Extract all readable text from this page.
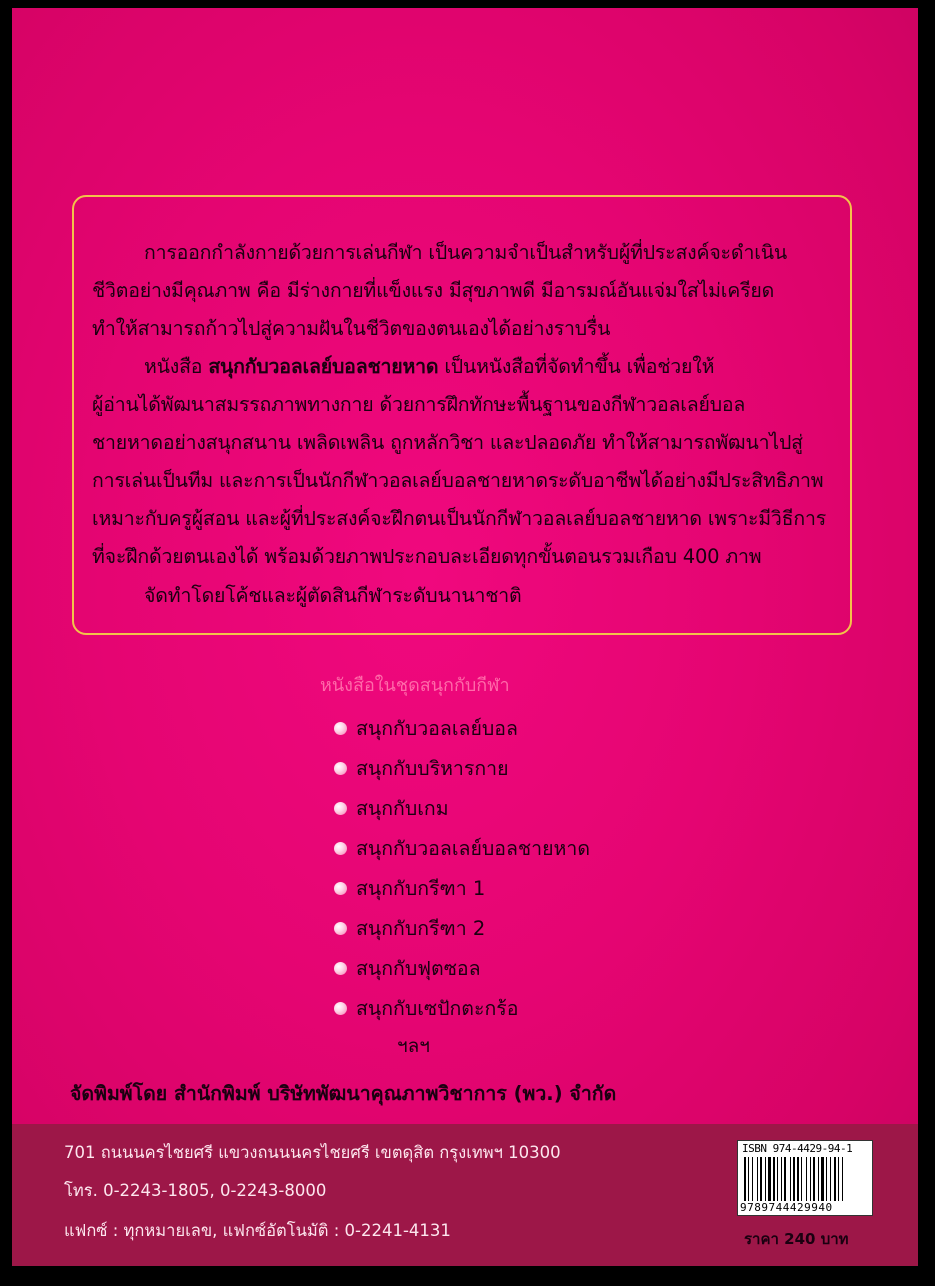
การออกกำลังกายด้วยการเล่นกีฬา เป็นความจำเป็นสำหรับผู้ที่ประสงค์จะดำเนิน

ชีวิตอย่างมีคุณภาพ คือ มีร่างกายที่แข็งแรง มีสุขภาพดี มีอารมณ์อันแจ่มใสไม่เครียด

ทำให้สามารถก้าวไปสู่ความฝันในชีวิตของตนเองได้อย่างราบรื่น

หนังสือ สนุกกับวอลเลย์บอลชายหาด เป็นหนังสือที่จัดทำขึ้น เพื่อช่วยให้

ผู้อ่านได้พัฒนาสมรรถภาพทางกาย ด้วยการฝึกทักษะพื้นฐานของกีฬาวอลเลย์บอล

ชายหาดอย่างสนุกสนาน เพลิดเพลิน ถูกหลักวิชา และปลอดภัย ทำให้สามารถพัฒนาไปสู่

การเล่นเป็นทีม และการเป็นนักกีฬาวอลเลย์บอลชายหาดระดับอาชีพได้อย่างมีประสิทธิภาพ

เหมาะกับครูผู้สอน และผู้ที่ประสงค์จะฝึกตนเป็นนักกีฬาวอลเลย์บอลชายหาด เพราะมีวิธีการ

ที่จะฝึกด้วยตนเองได้ พร้อมด้วยภาพประกอบละเอียดทุกขั้นตอนรวมเกือบ 400 ภาพ

จัดทำโดยโค้ชและผู้ตัดสินกีฬาระดับนานาชาติ

หนังสือในชุดสนุกกับกีฬา
สนุกกับวอลเลย์บอล
สนุกกับบริหารกาย
สนุกกับเกม
สนุกกับวอลเลย์บอลชายหาด
สนุกกับกรีฑา 1
สนุกกับกรีฑา 2
สนุกกับฟุตซอล
สนุกกับเซปักตะกร้อ
ฯลฯ
จัดพิมพ์โดย สำนักพิมพ์ บริษัทพัฒนาคุณภาพวิชาการ (พว.) จำกัด

701 ถนนนครไชยศรี แขวงถนนนครไชยศรี เขตดุสิต กรุงเทพฯ 10300

โทร. 0-2243-1805, 0-2243-8000

แฟกซ์ : ทุกหมายเลข, แฟกซ์อัตโนมัติ : 0-2241-4131

ISBN 974-4429-94-1
9789744429940
ราคา 240 บาท
